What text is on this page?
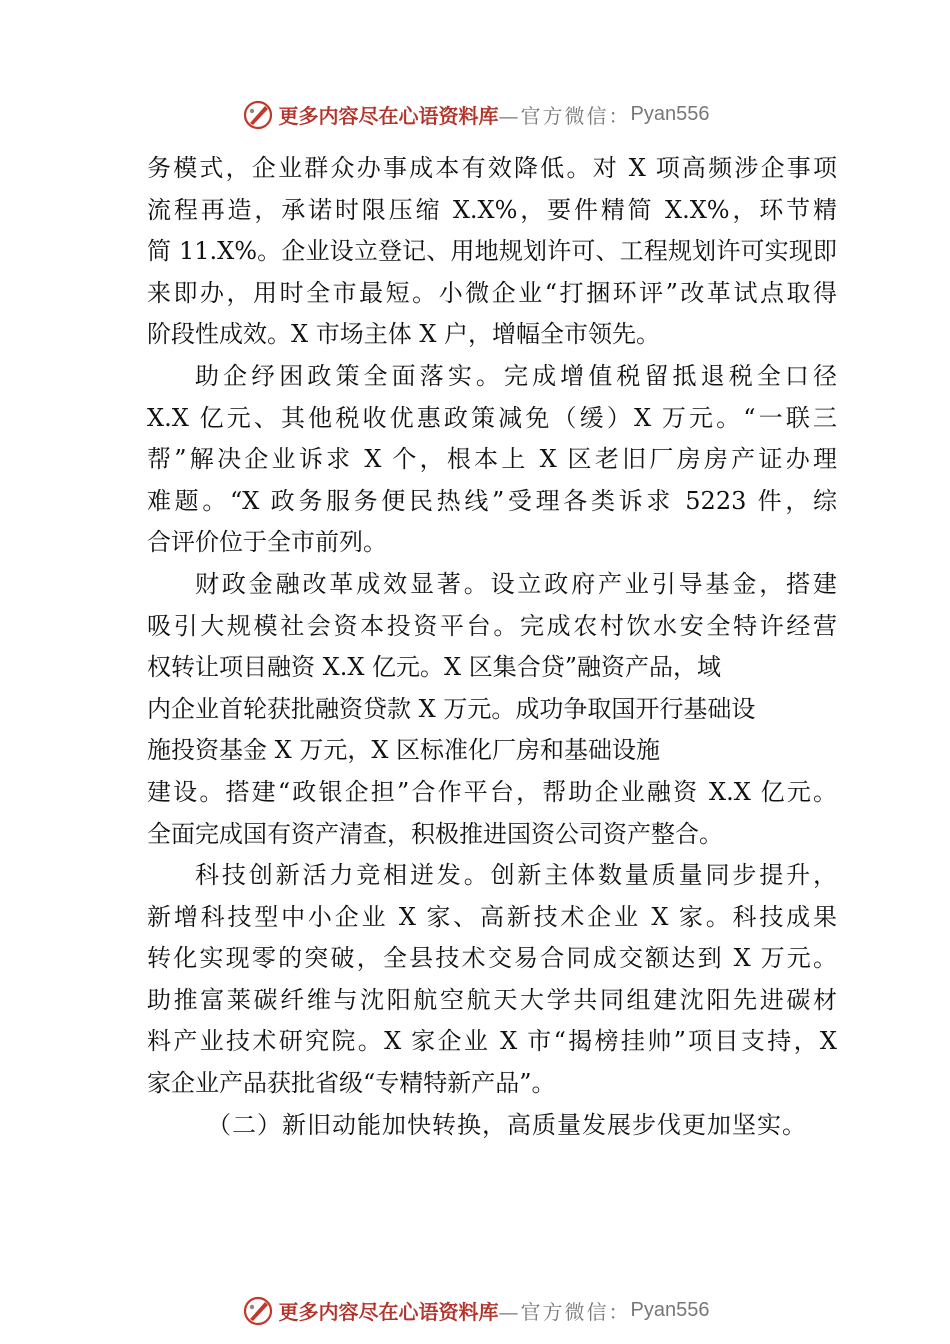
更多内容尽在心语资料库 —官方微信： Pyan556
务模式，企业群众办事成本有效降低。对 X 项高频涉企事项
流程再造，承诺时限压缩 X.X%，要件精简 X.X%，环节精
简 11.X%。企业设立登记、用地规划许可、工程规划许可实现即
来即办，用时全市最短。小微企业“打捆环评”改革试点取得
阶段性成效。X 市场主体 X 户，增幅全市领先。
助企纾困政策全面落实。完成增值税留抵退税全口径
X.X 亿元、其他税收优惠政策减免（缓）X 万元。“一联三
帮”解决企业诉求 X 个，根本上 X 区老旧厂房房产证办理
难题。“X 政务服务便民热线”受理各类诉求 5223 件，综
合评价位于全市前列。
财政金融改革成效显著。设立政府产业引导基金，搭建
吸引大规模社会资本投资平台。完成农村饮水安全特许经营
权转让项目融资 X.X 亿元。X 区集合贷”融资产品，域
内企业首轮获批融资贷款 X 万元。成功争取国开行基础设
施投资基金 X 万元，X 区标准化厂房和基础设施
建设。搭建“政银企担”合作平台，帮助企业融资 X.X 亿元。
全面完成国有资产清查，积极推进国资公司资产整合。
科技创新活力竞相迸发。创新主体数量质量同步提升，
新增科技型中小企业 X 家、高新技术企业 X 家。科技成果
转化实现零的突破，全县技术交易合同成交额达到 X 万元。
助推富莱碳纤维与沈阳航空航天大学共同组建沈阳先进碳材
料产业技术研究院。X 家企业 X 市“揭榜挂帅”项目支持，X
家企业产品获批省级“专精特新产品”。
（二）新旧动能加快转换，高质量发展步伐更加坚实。
更多内容尽在心语资料库 —官方微信： Pyan556
